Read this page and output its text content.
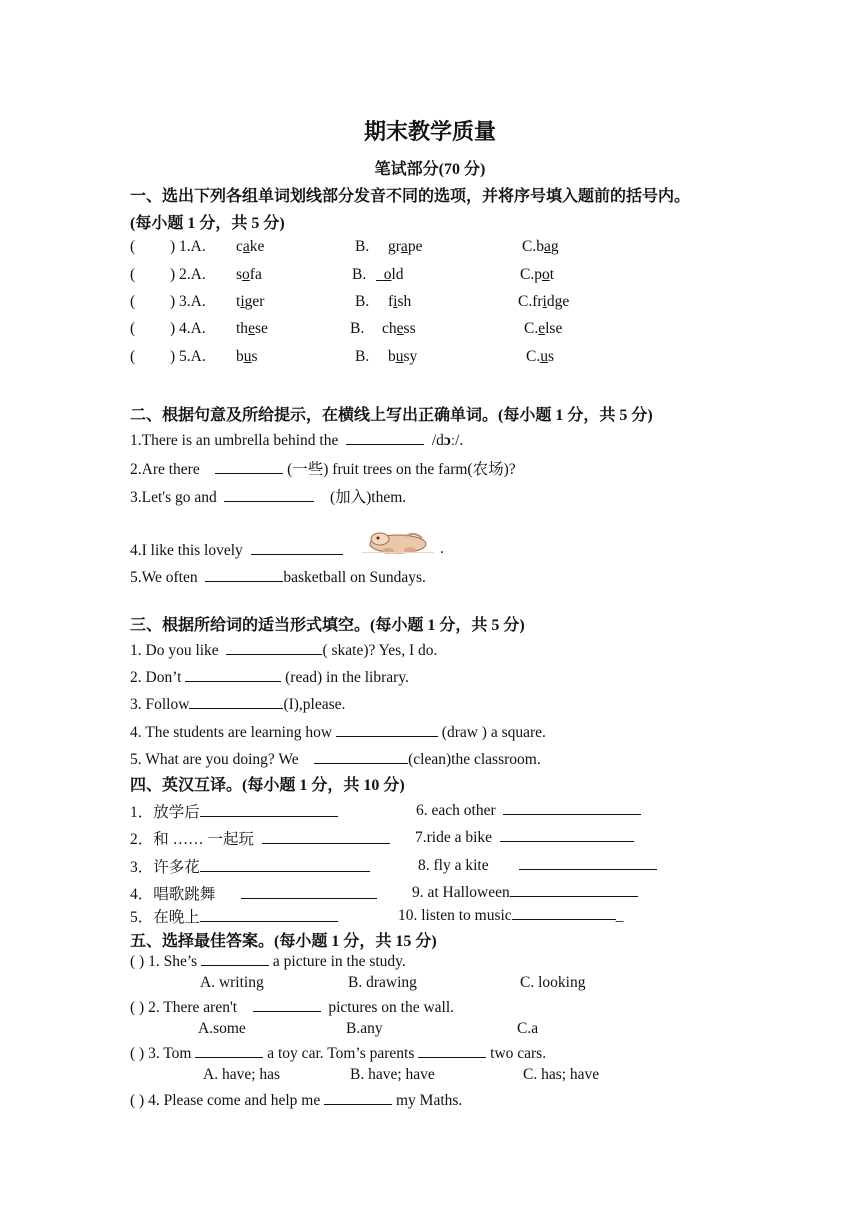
期末教学质量
笔试部分(70 分)
一、选出下列各组单词划线部分发音不同的选项，并将序号填入题前的括号内。
(每小题 1 分，共 5 分)
( ) 1.A. cake	B. grape	C.bag
( ) 2.A. sofa	B.	old	C.pot
( ) 3.A. tiger	B. fish	C.fridge
( ) 4.A. these	B. chess	C.else
( ) 5.A. bus	B. busy	C.us
二、根据句意及所给提示，在横线上写出正确单词。(每小题 1 分，共 5 分)
1.There is an umbrella behind the	/dɔː/.
2.Are there	(一些) fruit trees on the farm(农场)?
3.Let's go and	(加入)them.
4.I like this lovely	.
5.We often	basketball on Sundays.
三、根据所给词的适当形式填空。(每小题 1 分，共 5 分)
1. Do you like	( skate)? Yes, I do.
2. Don’t	(read) in the library.
3. Follow	(I),please.
4. The students are learning how	(draw ) a square.
5. What are you doing? We	(clean)the classroom.
四、英汉互译。(每小题 1 分，共 10 分)
1．放学后	6. each other
2．和 …… 一起玩	7.ride a bike
3．许多花	8. fly a kite
4．唱歌跳舞	9. at Halloween
5．在晚上	10. listen to music	_
五、选择最佳答案。(每小题 1 分，共 15 分)
( ) 1. She’s	a picture in the study.
A. writing	B. drawing	C. looking
( ) 2. There aren't	pictures on the wall.
A.some	B.any	C.a
( ) 3. Tom	a toy car. Tom’s parents	two cars.
A. have; has	B. have; have	C. has; have
( ) 4. Please come and help me	my Maths.
